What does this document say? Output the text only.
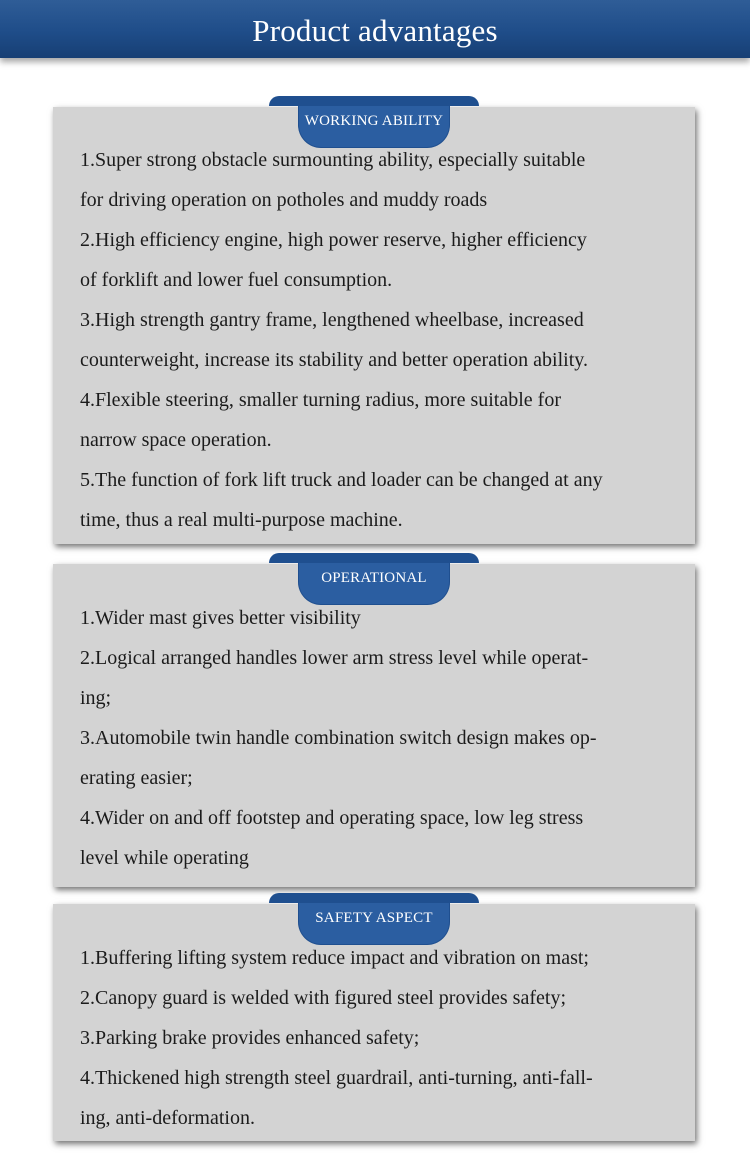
Product advantages
WORKING ABILITY
1.Super strong obstacle surmounting ability, especially suitable
for driving operation on potholes and muddy roads
2.High efficiency engine, high power reserve, higher efficiency
of forklift and lower fuel consumption.
3.High strength gantry frame, lengthened wheelbase, increased
counterweight, increase its stability and better operation ability.
4.Flexible steering, smaller turning radius, more suitable for
narrow space operation.
5.The function of fork lift truck and loader can be changed at any
time, thus a real multi-purpose machine.
OPERATIONAL
1.Wider mast gives better visibility
2.Logical arranged handles lower arm stress level while operat-
ing;
3.Automobile twin handle combination switch design makes op-
erating easier;
4.Wider on and off footstep and operating space, low leg stress
level while operating
SAFETY ASPECT
1.Buffering lifting system reduce impact and vibration on mast;
2.Canopy guard is welded with figured steel provides safety;
3.Parking brake provides enhanced safety;
4.Thickened high strength steel guardrail, anti-turning, anti-fall-
ing, anti-deformation.
